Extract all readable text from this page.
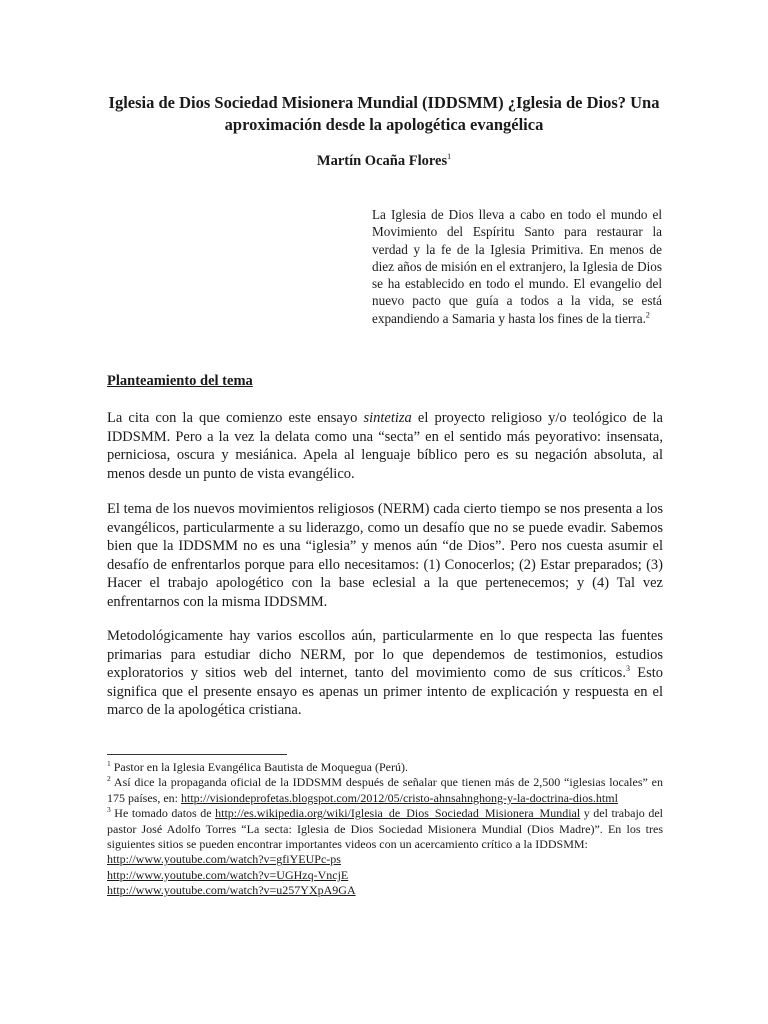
Iglesia de Dios Sociedad Misionera Mundial (IDDSMM) ¿Iglesia de Dios? Una aproximación desde la apologética evangélica
Martín Ocaña Flores$^1$
La Iglesia de Dios lleva a cabo en todo el mundo el Movimiento del Espíritu Santo para restaurar la verdad y la fe de la Iglesia Primitiva. En menos de diez años de misión en el extranjero, la Iglesia de Dios se ha establecido en todo el mundo. El evangelio del nuevo pacto que guía a todos a la vida, se está expandiendo a Samaria y hasta los fines de la tierra.$^2$
Planteamiento del tema
La cita con la que comienzo este ensayo sintetiza el proyecto religioso y/o teológico de la IDDSMM. Pero a la vez la delata como una “secta” en el sentido más peyorativo: insensata, perniciosa, oscura y mesiánica. Apela al lenguaje bíblico pero es su negación absoluta, al menos desde un punto de vista evangélico.
El tema de los nuevos movimientos religiosos (NERM) cada cierto tiempo se nos presenta a los evangélicos, particularmente a su liderazgo, como un desafío que no se puede evadir. Sabemos bien que la IDDSMM no es una “iglesia” y menos aún “de Dios”. Pero nos cuesta asumir el desafío de enfrentarlos porque para ello necesitamos: (1) Conocerlos; (2) Estar preparados; (3) Hacer el trabajo apologético con la base eclesial a la que pertenecemos; y (4) Tal vez enfrentarnos con la misma IDDSMM.
Metodológicamente hay varios escollos aún, particularmente en lo que respecta las fuentes primarias para estudiar dicho NERM, por lo que dependemos de testimonios, estudios exploratorios y sitios web del internet, tanto del movimiento como de sus críticos.$^3$ Esto significa que el presente ensayo es apenas un primer intento de explicación y respuesta en el marco de la apologética cristiana.
$^1$ Pastor en la Iglesia Evangélica Bautista de Moquegua (Perú).
$^2$ Así dice la propaganda oficial de la IDDSMM después de señalar que tienen más de 2,500 “iglesias locales” en 175 países, en: http://visiondeprofetas.blogspot.com/2012/05/cristo-ahnsahnghong-y-la-doctrina-dios.html
$^3$ He tomado datos de http://es.wikipedia.org/wiki/Iglesia_de_Dios_Sociedad_Misionera_Mundial y del trabajo del pastor José Adolfo Torres “La secta: Iglesia de Dios Sociedad Misionera Mundial (Dios Madre)”. En los tres siguientes sitios se pueden encontrar importantes videos con un acercamiento crítico a la IDDSMM:
http://www.youtube.com/watch?v=gfiYEUPc-ps
http://www.youtube.com/watch?v=UGHzq-VncjE
http://www.youtube.com/watch?v=u257YXpA9GA
